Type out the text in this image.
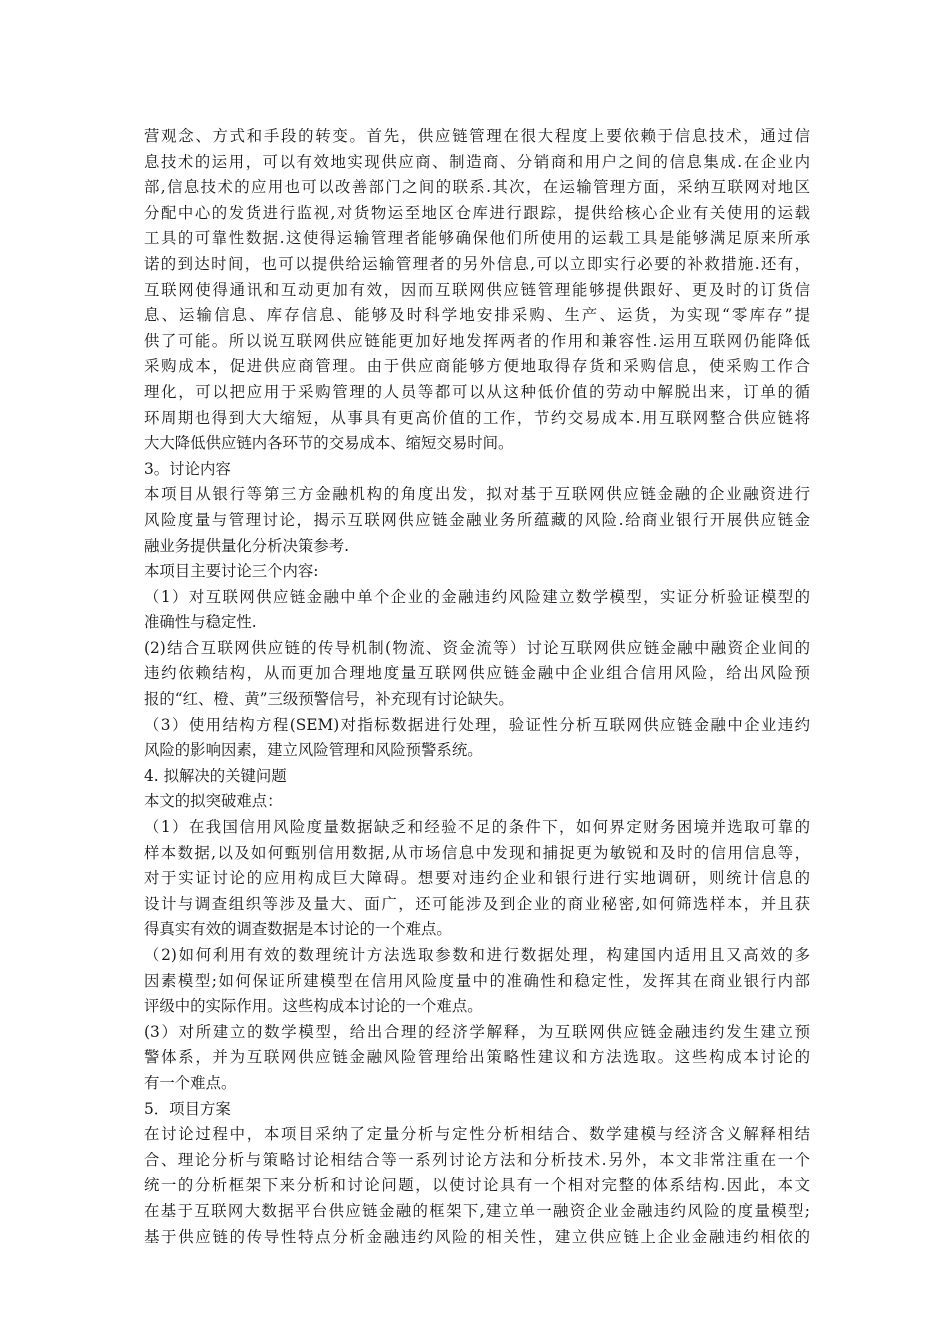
营观念、方式和手段的转变。首先，供应链管理在很大程度上要依赖于信息技术，通过信
息技术的运用，可以有效地实现供应商、制造商、分销商和用户之间的信息集成.在企业内
部,信息技术的应用也可以改善部门之间的联系.其次，在运输管理方面，采纳互联网对地区
分配中心的发货进行监视,对货物运至地区仓库进行跟踪，提供给核心企业有关使用的运载
工具的可靠性数据.这使得运输管理者能够确保他们所使用的运载工具是能够满足原来所承
诺的到达时间，也可以提供给运输管理者的另外信息,可以立即实行必要的补救措施.还有，
互联网使得通讯和互动更加有效，因而互联网供应链管理能够提供跟好、更及时的订货信
息、运输信息、库存信息、能够及时科学地安排采购、生产、运货，为实现“零库存”提
供了可能。所以说互联网供应链能更加好地发挥两者的作用和兼容性.运用互联网仍能降低
采购成本，促进供应商管理。由于供应商能够方便地取得存货和采购信息，使采购工作合
理化，可以把应用于采购管理的人员等都可以从这种低价值的劳动中解脱出来，订单的循
环周期也得到大大缩短，从事具有更高价值的工作，节约交易成本.用互联网整合供应链将
大大降低供应链内各环节的交易成本、缩短交易时间。
3。讨论内容
本项目从银行等第三方金融机构的角度出发，拟对基于互联网供应链金融的企业融资进行
风险度量与管理讨论，揭示互联网供应链金融业务所蕴藏的风险.给商业银行开展供应链金
融业务提供量化分析决策参考.
本项目主要讨论三个内容:
（1）对互联网供应链金融中单个企业的金融违约风险建立数学模型，实证分析验证模型的
准确性与稳定性.
(2)结合互联网供应链的传导机制(物流、资金流等）讨论互联网供应链金融中融资企业间的
违约依赖结构，从而更加合理地度量互联网供应链金融中企业组合信用风险，给出风险预
报的“红、橙、黄”三级预警信号，补充现有讨论缺失。
（3）使用结构方程(SEM)对指标数据进行处理，验证性分析互联网供应链金融中企业违约
风险的影响因素，建立风险管理和风险预警系统。
4. 拟解决的关键问题
本文的拟突破难点：
（1）在我国信用风险度量数据缺乏和经验不足的条件下，如何界定财务困境并选取可靠的
样本数据,以及如何甄别信用数据,从市场信息中发现和捕捉更为敏锐和及时的信用信息等，
对于实证讨论的应用构成巨大障碍。想要对违约企业和银行进行实地调研，则统计信息的
设计与调查组织等涉及量大、面广，还可能涉及到企业的商业秘密,如何筛选样本，并且获
得真实有效的调查数据是本讨论的一个难点。
（2)如何利用有效的数理统计方法选取参数和进行数据处理，构建国内适用且又高效的多
因素模型;如何保证所建模型在信用风险度量中的准确性和稳定性，发挥其在商业银行内部
评级中的实际作用。这些构成本讨论的一个难点。
(3）对所建立的数学模型，给出合理的经济学解释，为互联网供应链金融违约发生建立预
警体系，并为互联网供应链金融风险管理给出策略性建议和方法选取。这些构成本讨论的
有一个难点。
5．项目方案
在讨论过程中，本项目采纳了定量分析与定性分析相结合、数学建模与经济含义解释相结
合、理论分析与策略讨论相结合等一系列讨论方法和分析技术.另外，本文非常注重在一个
统一的分析框架下来分析和讨论问题，以使讨论具有一个相对完整的体系结构.因此，本文
在基于互联网大数据平台供应链金融的框架下,建立单一融资企业金融违约风险的度量模型;
基于供应链的传导性特点分析金融违约风险的相关性，建立供应链上企业金融违约相依的
